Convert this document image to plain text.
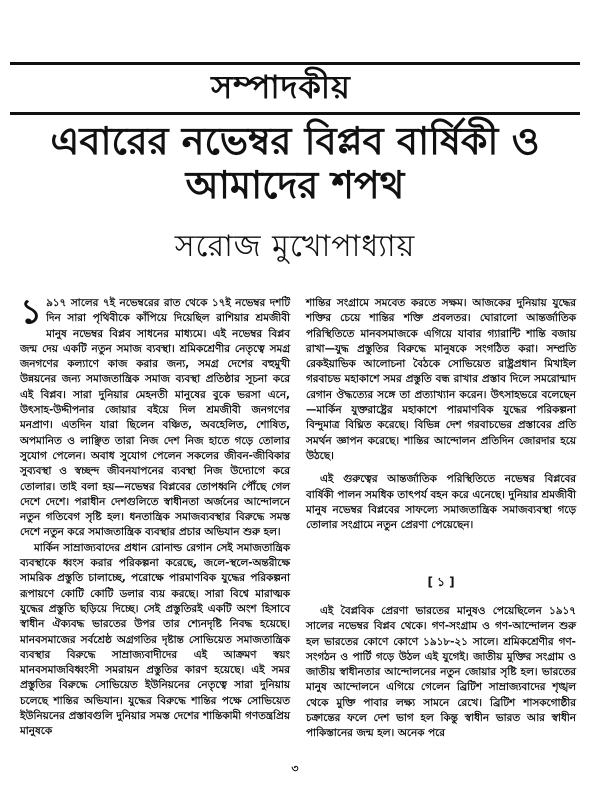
সম্পাদকীয়
এবারের নভেম্বর বিপ্লব বার্ষিকী ও
আমাদের শপথ
সরোজ মুখোপাধ্যায়

১ ৯১৭ সালের ৭ই নভেম্বরের রাত থেকে ১৭ই নভেম্বর দশটি দিন সারা পৃথিবীকে কাঁপিয়ে দিয়েছিল রাশিয়ার শ্রমজীবী মানুষ নভেম্বর বিপ্লব সাধনের মাধ্যমে। এই নভেম্বর বিপ্লব জন্ম দেয় একটি নতুন সমাজ ব্যবস্থা। শ্রমিকশ্রেণীর নেতৃত্বে সমগ্র জনগণের কল্যাণে কাজ করার জন্য, সমগ্র দেশের বহুমুখী উন্নয়নের জন্য সমাজতান্ত্রিক সমাজ ব্যবস্থা প্রতিষ্ঠার সূচনা করে এই বিপ্লব। সারা দুনিয়ার মেহনতী মানুষের বুকে ভরসা এনে, উৎসাহ-উদ্দীপনার জোয়ার বইয়ে দিল শ্রমজীবী জনগণের মনপ্রাণ। এতদিন যারা ছিলেন বঞ্চিত, অবহেলিত, শোষিত, অপমানিত ও লাঞ্ছিত তারা নিজ দেশ নিজ হাতে গড়ে তোলার সুযোগ পেলেন। অবাধ সুযোগ পেলেন সকলের জীবন-জীবিকার সুব্যবস্থা ও স্বচ্ছন্দ জীবনযাপনের ব্যবস্থা নিজ উদ্যোগে করে তোলার। তাই বলা হয়—নভেম্বর বিপ্লবের তোপধ্বনি পৌঁছে গেল দেশে দেশে। পরাধীন দেশগুলিতে স্বাধীনতা অর্জনের আন্দোলনে নতুন গতিবেগ সৃষ্টি হল। ধনতান্ত্রিক সমাজব্যবস্থার বিরুদ্ধে সমস্ত দেশে নতুন করে সমাজতান্ত্রিক ব্যবস্থার প্রচার অভিযান শুরু হল।

মার্কিন সাম্রাজ্যবাদের প্রধান রোনাল্ড রেগান সেই সমাজতান্ত্রিক ব্যবস্থাকে ধ্বংস করার পরিকল্পনা করেছে, জলে-স্থলে-অন্তরীক্ষে সামরিক প্রস্তুতি চালাচ্ছে, পরোক্ষে পারমাণবিক যুদ্ধের পরিকল্পনা রূপায়ণে কোটি কোটি ডলার ব্যয় করছে। সারা বিশ্বে মারাত্মক যুদ্ধের প্রস্তুতি ছড়িয়ে দিচ্ছে। সেই প্রস্তুতিরই একটি অংশ হিসাবে স্বাধীন ঐক্যবদ্ধ ভারতের উপর তার শ্যেনদৃষ্টি নিবদ্ধ হয়েছে। মানবসমাজের সর্বশ্রেষ্ঠ অগ্রগতির দৃষ্টান্ত সোভিয়েত সমাজতান্ত্রিক ব্যবস্থার বিরুদ্ধে সাম্রাজ্যবাদীদের এই আক্রমণ স্বয়ং মানবসমাজবিধ্বংসী সমরায়ন প্রস্তুতির কারণ হয়েছে। এই সমর প্রস্তুতির বিরুদ্ধে সোভিয়েত ইউনিয়নের নেতৃত্বে সারা দুনিয়ায় চলেছে শান্তির অভিযান। যুদ্ধের বিরুদ্ধে শান্তির পক্ষে সোভিয়েত ইউনিয়নের প্রস্তাবগুলি দুনিয়ার সমস্ত দেশের শান্তিকামী গণতন্ত্রপ্রিয় মানুষকে

শান্তির সংগ্রামে সমবেত করতে সক্ষম। আজকের দুনিয়ায় যুদ্ধের শক্তির চেয়ে শান্তির শক্তি প্রবলতর। ঘোরালো আন্তর্জাতিক পরিস্থিতিতে মানবসমাজকে এগিয়ে যাবার গ্যারান্টি শান্তি বজায় রাখা—যুদ্ধ প্রস্তুতির বিরুদ্ধে মানুষকে সংগঠিত করা। সম্প্রতি রেকইয়াভিক আলোচনা বৈঠকে সোভিয়েত রাষ্ট্রপ্রধান মিখাইল গরবাচভ মহাকাশে সমর প্রস্তুতি বন্ধ রাখার প্রস্তাব দিলে সমরোন্মাদ রেগান ঔদ্ধত্যের সঙ্গে তা প্রত্যাখ্যান করেন। উৎসাহভরে বলেছেন—মার্কিন যুক্তরাষ্ট্রের মহাকাশে পারমাণবিক যুদ্ধের পরিকল্পনা বিন্দুমাত্র বিঘ্নিত করেছে। বিভিন্ন দেশ গরবাচভের প্রস্তাবের প্রতি সমর্থন জ্ঞাপন করেছে। শান্তির আন্দোলন প্রতিদিন জোরদার হয়ে উঠছে।

এই গুরুত্বের আন্তর্জাতিক পরিস্থিতিতে নভেম্বর বিপ্লবের বার্ষিকী পালন সমধিক তাৎপর্য বহন করে এনেছে। দুনিয়ার শ্রমজীবী মানুষ নভেম্বর বিপ্লবের সাফল্যে সমাজতান্ত্রিক সমাজব্যবস্থা গড়ে তোলার সংগ্রামে নতুন প্রেরণা পেয়েছেন।

[ ১ ]

এই বৈপ্লবিক প্রেরণা ভারতের মানুষও পেয়েছিলেন ১৯১৭ সালের নভেম্বর বিপ্লব থেকে। গণ-সংগ্রাম ও গণ-আন্দোলন শুরু হল ভারতের কোণে কোণে ১৯১৮-২১ সালে। শ্রমিকশ্রেণীর গণ-সংগঠন ও পার্টি গড়ে উঠল এই যুগেই। জাতীয় মুক্তির সংগ্রাম ও জাতীয় স্বাধীনতার আন্দোলনের নতুন জোয়ার সৃষ্টি হল। ভারতের মানুষ আন্দোলনে এগিয়ে গেলেন ব্রিটিশ সাম্রাজ্যবাদের শৃঙ্খল থেকে মুক্তি পাবার লক্ষ্য সামনে রেখে। ব্রিটিশ শাসকগোষ্ঠীর চক্রান্তের ফলে দেশ ভাগ হল কিন্তু স্বাধীন ভারত আর স্বাধীন পাকিস্তানের জন্ম হল। অনেক পরে

৩
